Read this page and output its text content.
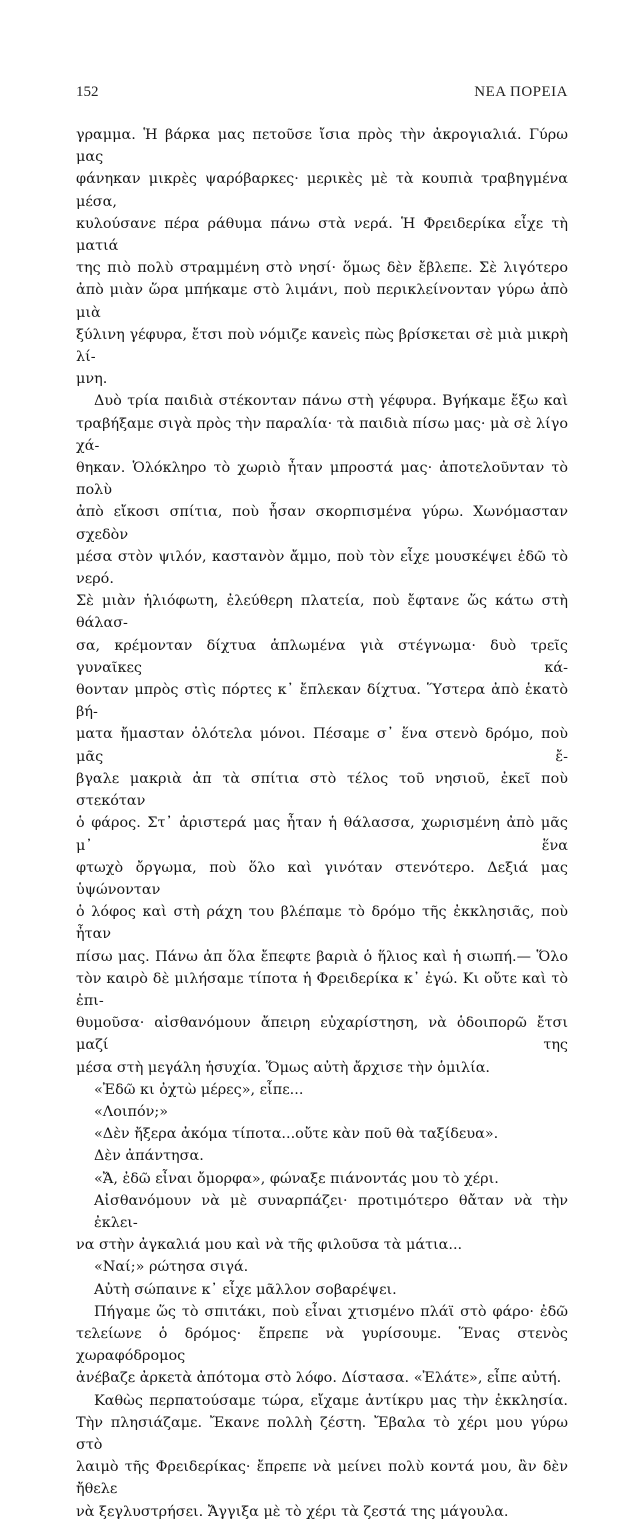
152	ΝΕΑ ΠΟΡΕΙΑ

γραμμα. Ἡ βάρκα μας πετοῦσε ἴσια πρὸς τὴν ἀκρογιαλιά. Γύρω μας

φάνηκαν μικρὲς ψαρόβαρκες· μερικὲς μὲ τὰ κουπιὰ τραβηγμένα μέσα,

κυλούσανε πέρα ράθυμα πάνω στὰ νερά. Ἡ Φρειδερίκα εἶχε τὴ ματιά

της πιὸ πολὺ στραμμένη στὸ νησί· ὅμως δὲν ἔβλεπε. Σὲ λιγότερο

ἀπὸ μιὰν ὥρα μπήκαμε στὸ λιμάνι, ποὺ περικλείνονταν γύρω ἀπὸ μιὰ

ξύλινη γέφυρα, ἔτσι ποὺ νόμιζε κανεὶς πὼς βρίσκεται σὲ μιὰ μικρὴ λί-

μνη.

Δυὸ τρία παιδιὰ στέκονταν πάνω στὴ γέφυρα. Βγήκαμε ἔξω καὶ

τραβήξαμε σιγὰ πρὸς τὴν παραλία· τὰ παιδιὰ πίσω μας· μὰ σὲ λίγο χά-

θηκαν. Ὁλόκληρο τὸ χωριὸ ἦταν μπροστά μας· ἀποτελοῦνταν τὸ πολὺ

ἀπὸ εἴκοσι σπίτια, ποὺ ἦσαν σκορπισμένα γύρω. Χωνόμασταν σχεδὸν

μέσα στὸν ψιλόν, καστανὸν ἄμμο, ποὺ τὸν εἶχε μουσκέψει ἐδῶ τὸ νερό.

Σὲ μιὰν ἡλιόφωτη, ἐλεύθερη πλατεία, ποὺ ἔφτανε ὥς κάτω στὴ θάλασ-

σα, κρέμονταν δίχτυα ἁπλωμένα γιὰ στέγνωμα· δυὸ τρεῖς γυναῖκες κά-

θονταν μπρὸς στὶς πόρτες κ᾿ ἔπλεκαν δίχτυα. Ὕστερα ἀπὸ ἑκατὸ βή-

ματα ἤμασταν ὁλότελα μόνοι. Πέσαμε σ᾿ ἕνα στενὸ δρόμο, ποὺ μᾶς ἔ-

βγαλε μακριὰ ἀπ τὰ σπίτια στὸ τέλος τοῦ νησιοῦ, ἐκεῖ ποὺ στεκόταν

ὁ φάρος. Στ᾿ ἀριστερά μας ἦταν ἡ θάλασσα, χωρισμένη ἀπὸ μᾶς μ᾿ ἕνα

φτωχὸ ὄργωμα, ποὺ ὅλο καὶ γινόταν στενότερο. Δεξιά μας ὑψώνονταν

ὁ λόφος καὶ στὴ ράχη του βλέπαμε τὸ δρόμο τῆς ἐκκλησιᾶς, ποὺ ἦταν

πίσω μας. Πάνω ἀπ ὅλα ἔπεφτε βαριὰ ὁ ἥλιος καὶ ἡ σιωπή.— Ὅλο

τὸν καιρὸ δὲ μιλήσαμε τίποτα ἡ Φρειδερίκα κ᾿ ἐγώ. Κι οὔτε καὶ τὸ ἐπι-

θυμοῦσα· αἰσθανόμουν ἄπειρη εὐχαρίστηση, νὰ ὁδοιπορῶ ἔτσι μαζί της

μέσα στὴ μεγάλη ἡσυχία. Ὅμως αὐτὴ ἄρχισε τὴν ὁμιλία.

«Ἐδῶ κι ὀχτὼ μέρες», εἶπε...

«Λοιπόν;»

«Δὲν ἤξερα ἀκόμα τίποτα...οὔτε κὰν ποῦ θὰ ταξίδευα».

Δὲν ἀπάντησα.

«Ἄ, ἐδῶ εἶναι ὄμορφα», φώναξε πιάνοντάς μου τὸ χέρι.

Αἰσθανόμουν νὰ μὲ συναρπάζει· προτιμότερο θἄταν νὰ τὴν ἐκλει-

να στὴν ἀγκαλιά μου καὶ νὰ τῆς φιλοῦσα τὰ μάτια...

«Ναί;» ρώτησα σιγά.

Αὐτὴ σώπαινε κ᾿ εἶχε μᾶλλον σοβαρέψει.

Πήγαμε ὥς τὸ σπιτάκι, ποὺ εἶναι χτισμένο πλάϊ στὸ φάρο· ἐδῶ

τελείωνε ὁ δρόμος· ἔπρεπε νὰ γυρίσουμε. Ἕνας στενὸς χωραφόδρομος

ἀνέβαζε ἀρκετὰ ἀπότομα στὸ λόφο. Δίστασα. «Ἐλάτε», εἶπε αὐτή.

Καθὼς περπατούσαμε τώρα, εἴχαμε ἀντίκρυ μας τὴν ἐκκλησία.

Τὴν πλησιάζαμε. Ἔκανε πολλὴ ζέστη. Ἔβαλα τὸ χέρι μου γύρω στὸ

λαιμὸ τῆς Φρειδερίκας· ἔπρεπε νὰ μείνει πολὺ κοντά μου, ἂν δὲν ἤθελε

νὰ ξεγλυστρήσει. Ἄγγιξα μὲ τὸ χέρι τὰ ζεστά της μάγουλα.
